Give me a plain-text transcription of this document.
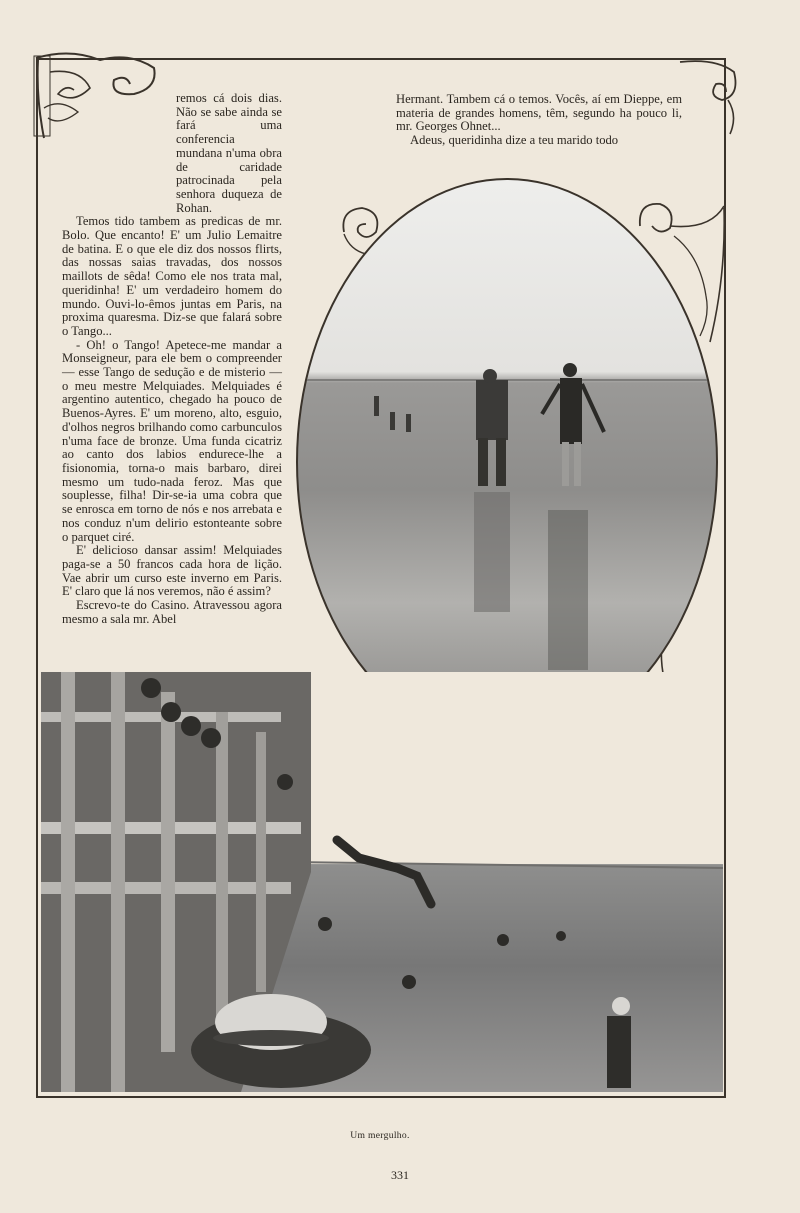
remos cá dois dias. Não se sabe ainda se fará uma conferencia mundana n'uma obra de caridade patrocinada pela senhora duqueza de Rohan.

Temos tido tambem as predicas de mr. Bolo. Que encanto! E' um Julio Lemaitre de batina. E o que ele diz dos nossos flirts, das nossas saias travadas, dos nossos maillots de sêda! Como ele nos trata mal, queridinha! E' um verdadeiro homem do mundo. Ouvi-lo-êmos juntas em Paris, na proxima quaresma. Diz-se que falará sobre o Tango...

- Oh! o Tango! Apetece-me mandar a Monseigneur, para ele bem o compreender — esse Tango de sedução e de misterio — o meu mestre Melquiades. Melquiades é argentino autentico, chegado ha pouco de Buenos-Ayres. E' um moreno, alto, esguio, d'olhos negros brilhando como carbunculos n'uma face de bronze. Uma funda cicatriz ao canto dos labios endurece-lhe a fisionomia, torna-o mais barbaro, direi mesmo um tudo-nada feroz. Mas que souplesse, filha! Dir-se-ia uma cobra que se enrosca em torno de nós e nos arrebata e nos conduz n'um delirio estonteante sobre o parquet ciré.

E' delicioso dansar assim! Melquiades paga-se a 50 francos cada hora de lição. Vae abrir um curso este inverno em Paris. E' claro que lá nos veremos, não é assim?

Escrevo-te do Casino. Atravessou agora mesmo a sala mr. Abel

Hermant. Tambem cá o temos. Vocês, aí em Dieppe, em materia de grandes homens, têm, segundo ha pouco li, mr. Georges Ohnet...

Adeus, queridinha dize a teu marido todo

Um mergulho.
331
